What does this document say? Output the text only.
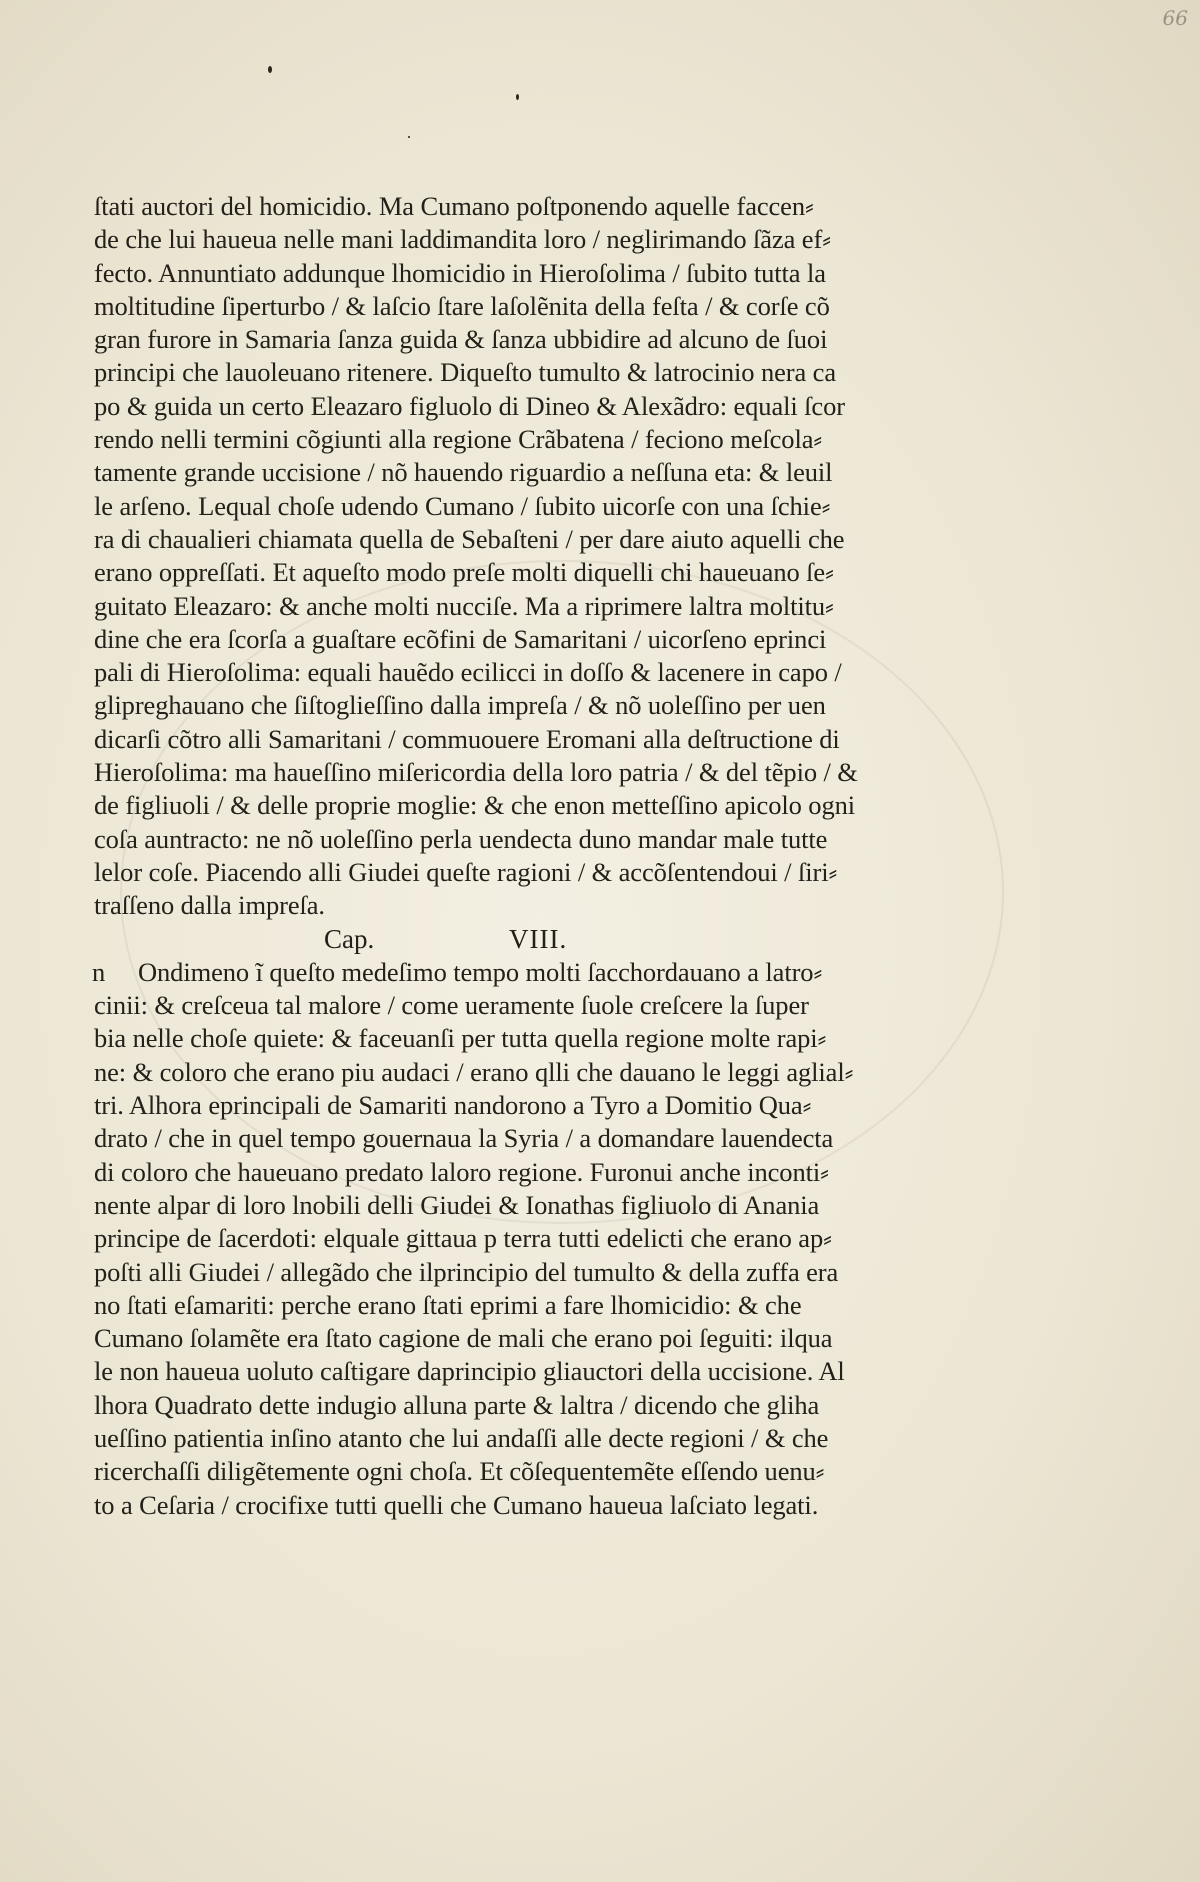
66
ſtati auctori del homicidio. Ma Cumano poſtponendo aquelle faccen⸗
de che lui haueua nelle mani laddimandita loro / neglirimando ſãza ef⸗
fecto. Annuntiato addunque lhomicidio in Hieroſolima / ſubito tutta la
moltitudine ſiperturbo / & laſcio ſtare laſolẽnita della feſta / & corſe cõ
gran furore in Samaria ſanza guida & ſanza ubbidire ad alcuno de ſuoi
principi che lauoleuano ritenere. Diqueſto tumulto & latrocinio nera ca
po & guida un certo Eleazaro figluolo di Dineo & Alexãdro: equali ſcor
rendo nelli termini cõgiunti alla regione Crãbatena / feciono meſcola⸗
tamente grande uccisione / nõ hauendo riguardio a neſſuna eta: & leuil
le arſeno. Lequal choſe udendo Cumano / ſubito uicorſe con una ſchie⸗
ra di chaualieri chiamata quella de Sebaſteni / per dare aiuto aquelli che
erano oppreſſati. Et aqueſto modo preſe molti diquelli chi haueuano ſe⸗
guitato Eleazaro: & anche molti nucciſe. Ma a riprimere laltra moltitu⸗
dine che era ſcorſa a guaſtare ecõfini de Samaritani / uicorſeno eprinci
pali di Hieroſolima: equali hauẽdo ecilicci in doſſo & lacenere in capo /
glipreghauano che ſiſtoglieſſino dalla impreſa / & nõ uoleſſino per uen
dicarſi cõtro alli Samaritani / commuouere Eromani alla deſtructione di
Hieroſolima: ma haueſſino miſericordia della loro patria / & del tẽpio / &
de figliuoli / & delle proprie moglie: & che enon metteſſino apicolo ogni
coſa auntracto: ne nõ uoleſſino perla uendecta duno mandar male tutte
lelor coſe. Piacendo alli Giudei queſte ragioni / & accõſentendoui / ſiri⸗
traſſeno dalla impreſa.
Cap.	VIII.
n Ondimeno ĩ queſto medeſimo tempo molti ſacchordauano a latro⸗
cinii: & creſceua tal malore / come ueramente ſuole creſcere la ſuper
bia nelle choſe quiete: & faceuanſi per tutta quella regione molte rapi⸗
ne: & coloro che erano piu audaci / erano qlli che dauano le leggi aglial⸗
tri. Alhora eprincipali de Samariti nandorono a Tyro a Domitio Qua⸗
drato / che in quel tempo gouernaua la Syria / a domandare lauendecta
di coloro che haueuano predato laloro regione. Furonui anche inconti⸗
nente alpar di loro lnobili delli Giudei & Ionathas figliuolo di Anania
principe de ſacerdoti: elquale gittaua p terra tutti edelicti che erano ap⸗
poſti alli Giudei / allegãdo che ilprincipio del tumulto & della zuffa era
no ſtati eſamariti: perche erano ſtati eprimi a fare lhomicidio: & che
Cumano ſolamẽte era ſtato cagione de mali che erano poi ſeguiti: ilqua
le non haueua uoluto caſtigare daprincipio gliauctori della uccisione. Al
lhora Quadrato dette indugio alluna parte & laltra / dicendo che gliha
ueſſino patientia inſino atanto che lui andaſſi alle decte regioni / & che
ricerchaſſi diligẽtemente ogni choſa. Et cõſequentemẽte eſſendo uenu⸗
to a Ceſaria / crocifixe tutti quelli che Cumano haueua laſciato legati.
